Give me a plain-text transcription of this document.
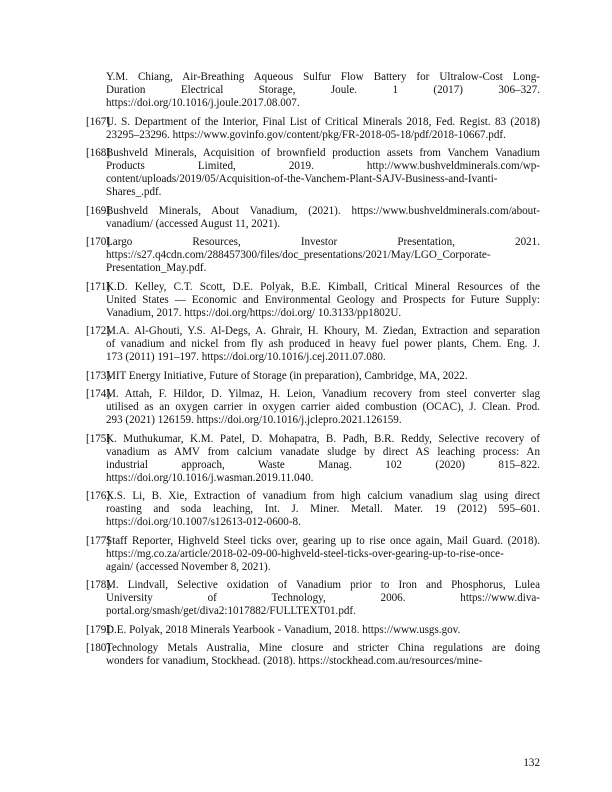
Y.M. Chiang, Air-Breathing Aqueous Sulfur Flow Battery for Ultralow-Cost Long-
Duration Electrical Storage, Joule. 1 (2017) 306–327.
https://doi.org/10.1016/j.joule.2017.08.007.
[167]
U. S. Department of the Interior, Final List of Critical Minerals 2018, Fed. Regist. 83 (2018)
23295–23296. https://www.govinfo.gov/content/pkg/FR-2018-05-18/pdf/2018-10667.pdf.
[168]
Bushveld Minerals, Acquisition of brownfield production assets from Vanchem Vanadium
Products Limited, 2019. http://www.bushveldminerals.com/wp-
content/uploads/2019/05/Acquisition-of-the-Vanchem-Plant-SAJV-Business-and-Ivanti-
Shares_.pdf.
[169]
Bushveld Minerals, About Vanadium, (2021). https://www.bushveldminerals.com/about-
vanadium/ (accessed August 11, 2021).
[170]
Largo Resources, Investor Presentation, 2021.
https://s27.q4cdn.com/288457300/files/doc_presentations/2021/May/LGO_Corporate-
Presentation_May.pdf.
[171]
K.D. Kelley, C.T. Scott, D.E. Polyak, B.E. Kimball, Critical Mineral Resources of the
United States — Economic and Environmental Geology and Prospects for Future Supply:
Vanadium, 2017. https://doi.org/https://doi.org/ 10.3133/pp1802U.
[172]
M.A. Al-Ghouti, Y.S. Al-Degs, A. Ghrair, H. Khoury, M. Ziedan, Extraction and separation
of vanadium and nickel from fly ash produced in heavy fuel power plants, Chem. Eng. J.
173 (2011) 191–197. https://doi.org/10.1016/j.cej.2011.07.080.
[173]
MIT Energy Initiative, Future of Storage (in preparation), Cambridge, MA, 2022.
[174]
M. Attah, F. Hildor, D. Yilmaz, H. Leion, Vanadium recovery from steel converter slag
utilised as an oxygen carrier in oxygen carrier aided combustion (OCAC), J. Clean. Prod.
293 (2021) 126159. https://doi.org/10.1016/j.jclepro.2021.126159.
[175]
K. Muthukumar, K.M. Patel, D. Mohapatra, B. Padh, B.R. Reddy, Selective recovery of
vanadium as AMV from calcium vanadate sludge by direct AS leaching process: An
industrial approach, Waste Manag. 102 (2020) 815–822.
https://doi.org/10.1016/j.wasman.2019.11.040.
[176]
X.S. Li, B. Xie, Extraction of vanadium from high calcium vanadium slag using direct
roasting and soda leaching, Int. J. Miner. Metall. Mater. 19 (2012) 595–601.
https://doi.org/10.1007/s12613-012-0600-8.
[177]
Staff Reporter, Highveld Steel ticks over, gearing up to rise once again, Mail Guard. (2018).
https://mg.co.za/article/2018-02-09-00-highveld-steel-ticks-over-gearing-up-to-rise-once-
again/ (accessed November 8, 2021).
[178]
M. Lindvall, Selective oxidation of Vanadium prior to Iron and Phosphorus, Lulea
University of Technology, 2006. https://www.diva-
portal.org/smash/get/diva2:1017882/FULLTEXT01.pdf.
[179]
D.E. Polyak, 2018 Minerals Yearbook - Vanadium, 2018. https://www.usgs.gov.
[180]
Technology Metals Australia, Mine closure and stricter China regulations are doing
wonders for vanadium, Stockhead. (2018). https://stockhead.com.au/resources/mine-
132
